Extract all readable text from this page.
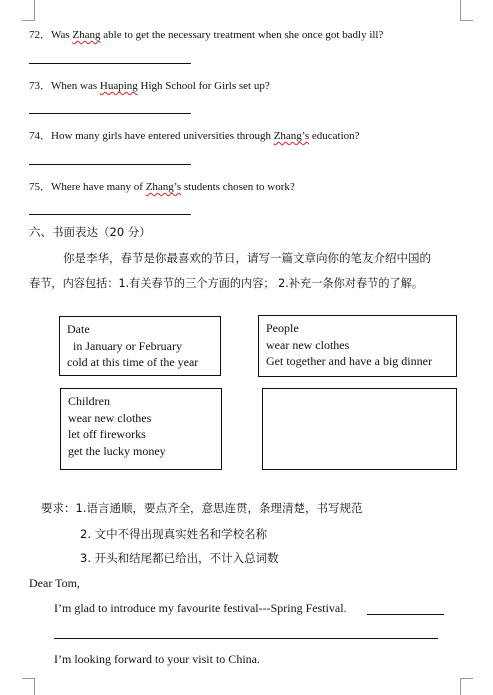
72．Was Zhang able to get the necessary treatment when she once got badly ill?
73．When was Huaping High School for Girls set up?
74．How many girls have entered universities through Zhang’s education?
75．Where have many of Zhang’s students chosen to work?
六、书面表达（20 分）
你是李华，春节是你最喜欢的节日，请写一篇文章向你的笔友介绍中国的
春节，内容包括：1.有关春节的三个方面的内容； 2.补充一条你对春节的了解。
Date
in January or February
cold at this time of the year
People
wear new clothes
Get together and have a big dinner
Children
wear new clothes
let off fireworks
get the lucky money
要求：1.语言通顺，要点齐全，意思连贯，条理清楚，书写规范
2. 文中不得出现真实姓名和学校名称
3. 开头和结尾都已给出，不计入总词数
Dear Tom,
I’m glad to introduce my favourite festival---Spring Festival.
I’m looking forward to your visit to China.
